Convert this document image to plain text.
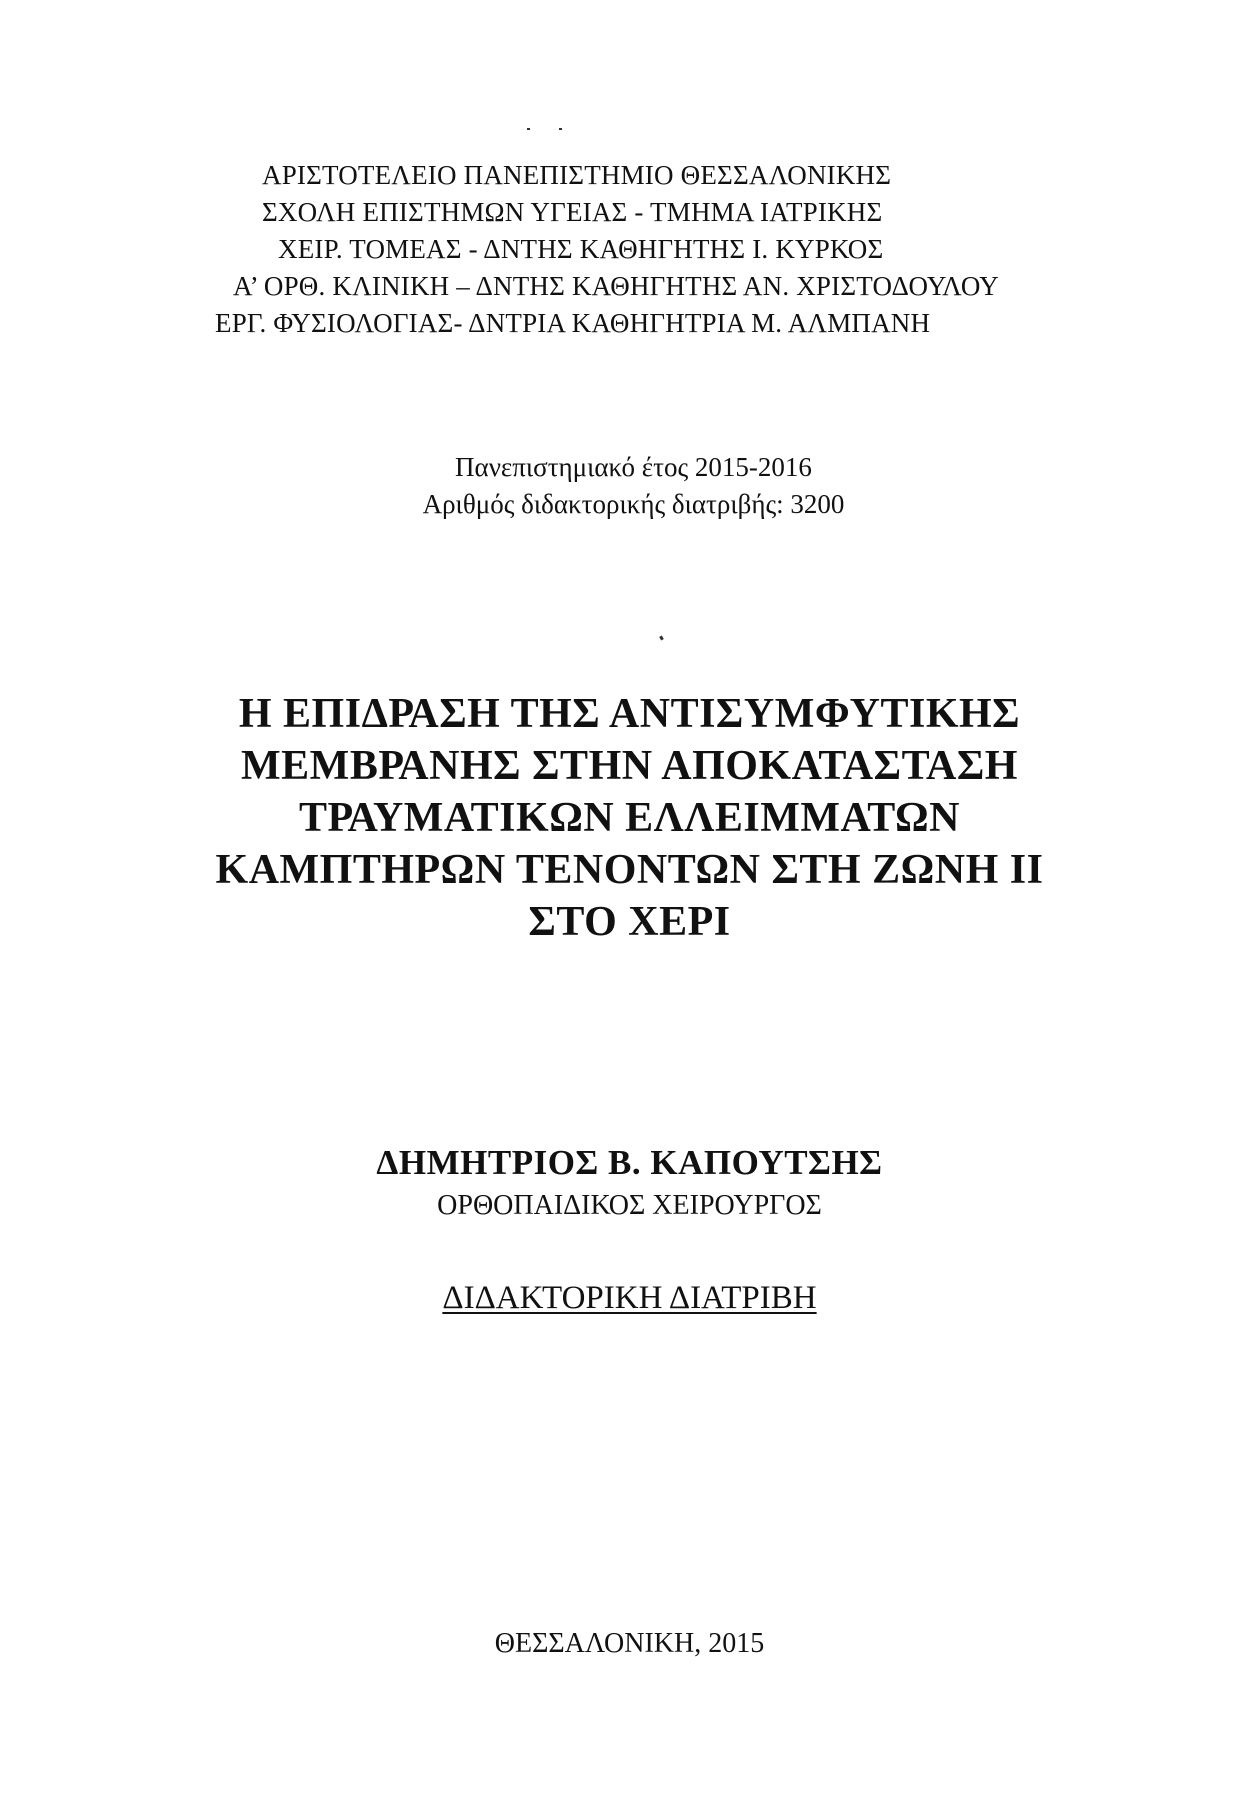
ΑΡΙΣΤΟΤΕΛΕΙΟ ΠΑΝΕΠΙΣΤΗΜΙΟ ΘΕΣΣΑΛΟΝΙΚΗΣ
ΣΧΟΛΗ ΕΠΙΣΤΗΜΩΝ ΥΓΕΙΑΣ - ΤΜΗΜΑ ΙΑΤΡΙΚΗΣ
ΧΕΙΡ. ΤΟΜΕΑΣ - ΔΝΤΗΣ ΚΑΘΗΓΗΤΗΣ Ι. ΚΥΡΚΟΣ
Α’ ΟΡΘ. ΚΛΙΝΙΚΗ – ΔΝΤΗΣ ΚΑΘΗΓΗΤΗΣ ΑΝ. ΧΡΙΣΤΟΔΟΥΛΟΥ
ΕΡΓ. ΦΥΣΙΟΛΟΓΙΑΣ- ΔΝΤΡΙΑ ΚΑΘΗΓΗΤΡΙΑ Μ. ΑΛΜΠΑΝΗ
Πανεπιστημιακό έτος 2015-2016
Αριθμός διδακτορικής διατριβής: 3200
Η ΕΠΙΔΡΑΣΗ ΤΗΣ ΑΝΤΙΣΥΜΦΥΤΙΚΗΣ
ΜΕΜΒΡΑΝΗΣ ΣΤΗΝ ΑΠΟΚΑΤΑΣΤΑΣΗ
ΤΡΑΥΜΑΤΙΚΩΝ ΕΛΛΕΙΜΜΑΤΩΝ
ΚΑΜΠΤΗΡΩΝ ΤΕΝΟΝΤΩΝ ΣΤΗ ΖΩΝΗ ΙΙ
ΣΤΟ ΧΕΡΙ
ΔΗΜΗΤΡΙΟΣ Β. ΚΑΠΟΥΤΣΗΣ
ΟΡΘΟΠΑΙΔΙΚΟΣ ΧΕΙΡΟΥΡΓΟΣ
ΔΙΔΑΚΤΟΡΙΚΗ ΔΙΑΤΡΙΒΗ
ΘΕΣΣΑΛΟΝΙΚΗ, 2015
